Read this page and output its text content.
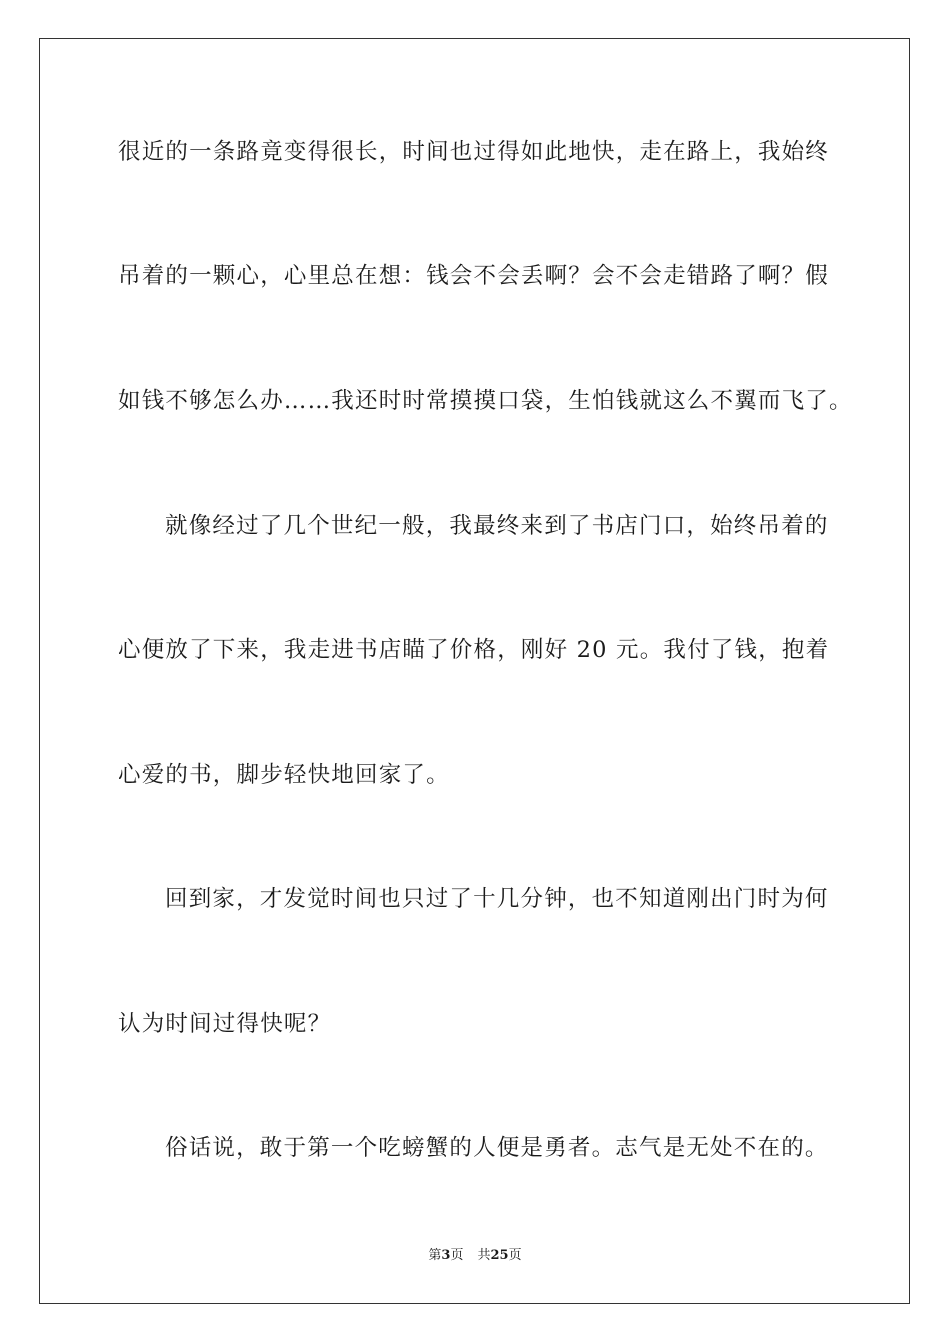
很近的一条路竟变得很长，时间也过得如此地快，走在路上，我始终
吊着的一颗心，心里总在想：钱会不会丢啊？会不会走错路了啊？假
如钱不够怎么办……我还时时常摸摸口袋，生怕钱就这么不翼而飞了。
就像经过了几个世纪一般，我最终来到了书店门口，始终吊着的
心便放了下来，我走进书店瞄了价格，刚好 20 元。我付了钱，抱着
心爱的书，脚步轻快地回家了。
回到家，才发觉时间也只过了十几分钟，也不知道刚出门时为何
认为时间过得快呢？
俗话说，敢于第一个吃螃蟹的人便是勇者。志气是无处不在的。
第3页 共25页
